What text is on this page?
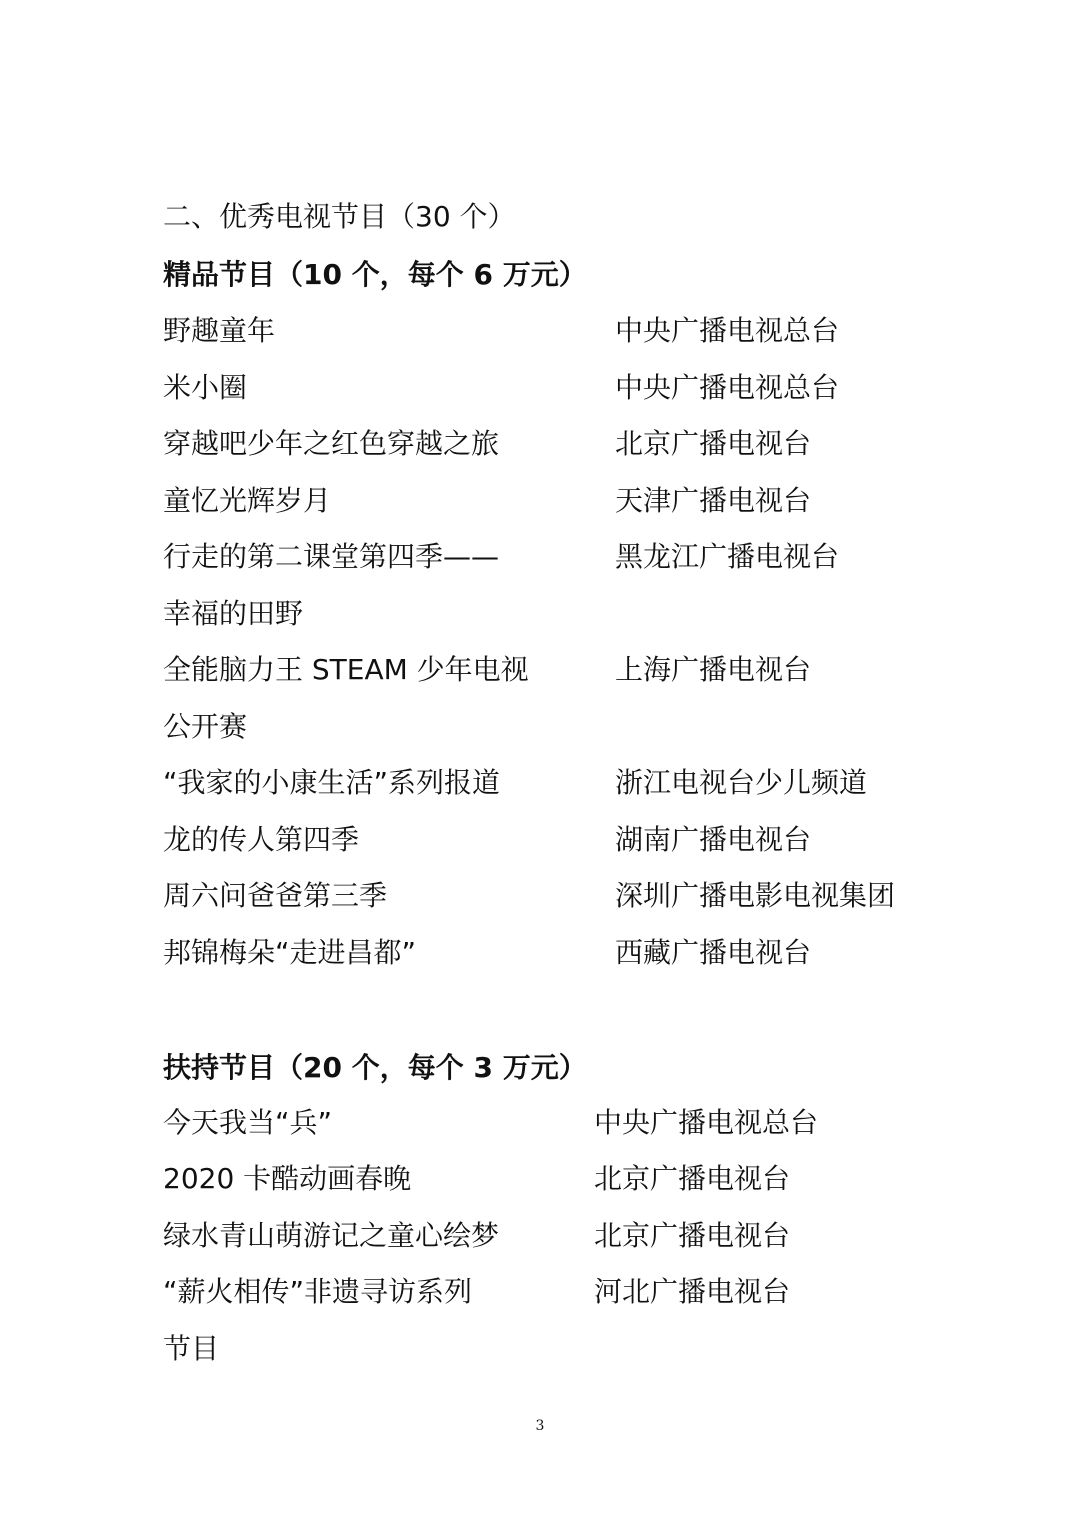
二、优秀电视节目（30 个）
精品节目（10 个，每个 6 万元）
野趣童年	中央广播电视总台
米小圈	中央广播电视总台
穿越吧少年之红色穿越之旅	北京广播电视台
童忆光辉岁月	天津广播电视台
行走的第二课堂第四季——	黑龙江广播电视台
幸福的田野
全能脑力王 STEAM 少年电视	上海广播电视台
公开赛
“我家的小康生活”系列报道	浙江电视台少儿频道
龙的传人第四季	湖南广播电视台
周六问爸爸第三季	深圳广播电影电视集团
邦锦梅朵“走进昌都”	西藏广播电视台
扶持节目（20 个，每个 3 万元）
今天我当“兵”	中央广播电视总台
2020 卡酷动画春晚	北京广播电视台
绿水青山萌游记之童心绘梦	北京广播电视台
“薪火相传”非遗寻访系列	河北广播电视台
节目
3
